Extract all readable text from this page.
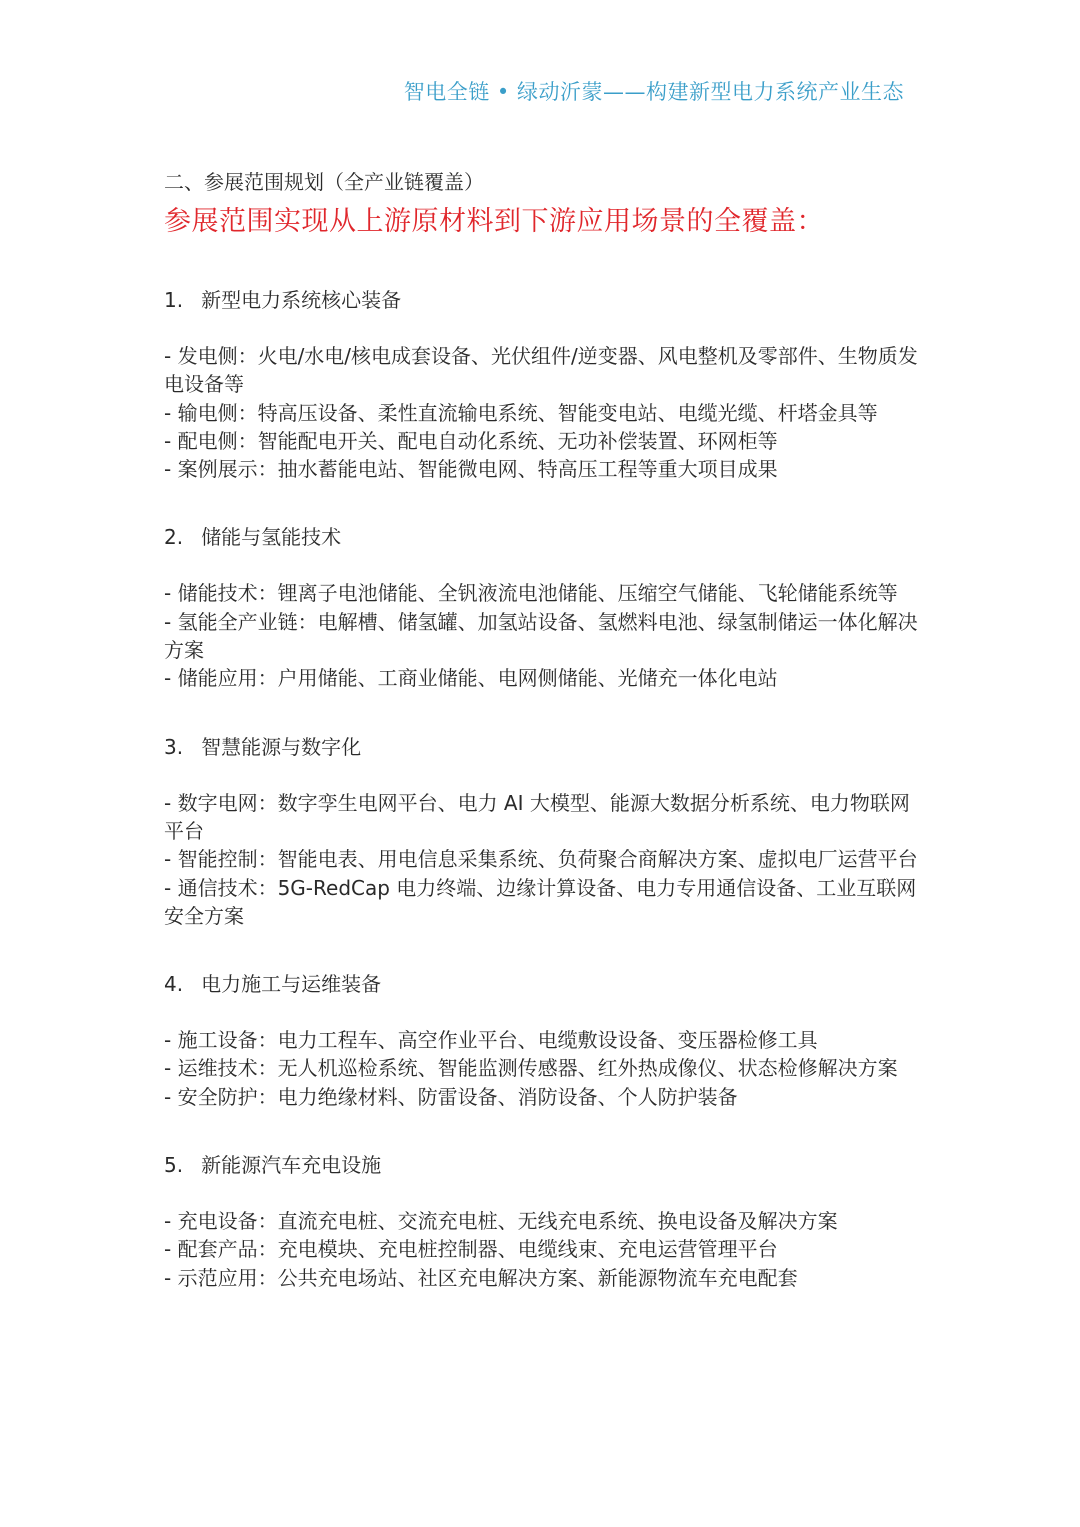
智电全链 • 绿动沂蒙——构建新型电力系统产业生态

二、参展范围规划（全产业链覆盖）

参展范围实现从上游原材料到下游应用场景的全覆盖：

1. 新型电力系统核心装备
- 发电侧：火电/水电/核电成套设备、光伏组件/逆变器、风电整机及零部件、生物质发电设备等
- 输电侧：特高压设备、柔性直流输电系统、智能变电站、电缆光缆、杆塔金具等
- 配电侧：智能配电开关、配电自动化系统、无功补偿装置、环网柜等
- 案例展示：抽水蓄能电站、智能微电网、特高压工程等重大项目成果
2. 储能与氢能技术
- 储能技术：锂离子电池储能、全钒液流电池储能、压缩空气储能、飞轮储能系统等
- 氢能全产业链：电解槽、储氢罐、加氢站设备、氢燃料电池、绿氢制储运一体化解决方案
- 储能应用：户用储能、工商业储能、电网侧储能、光储充一体化电站
3. 智慧能源与数字化
- 数字电网：数字孪生电网平台、电力 AI 大模型、能源大数据分析系统、电力物联网平台
- 智能控制：智能电表、用电信息采集系统、负荷聚合商解决方案、虚拟电厂运营平台
- 通信技术：5G-RedCap 电力终端、边缘计算设备、电力专用通信设备、工业互联网安全方案
4. 电力施工与运维装备
- 施工设备：电力工程车、高空作业平台、电缆敷设设备、变压器检修工具
- 运维技术：无人机巡检系统、智能监测传感器、红外热成像仪、状态检修解决方案
- 安全防护：电力绝缘材料、防雷设备、消防设备、个人防护装备
5. 新能源汽车充电设施
- 充电设备：直流充电桩、交流充电桩、无线充电系统、换电设备及解决方案
- 配套产品：充电模块、充电桩控制器、电缆线束、充电运营管理平台
- 示范应用：公共充电场站、社区充电解决方案、新能源物流车充电配套
